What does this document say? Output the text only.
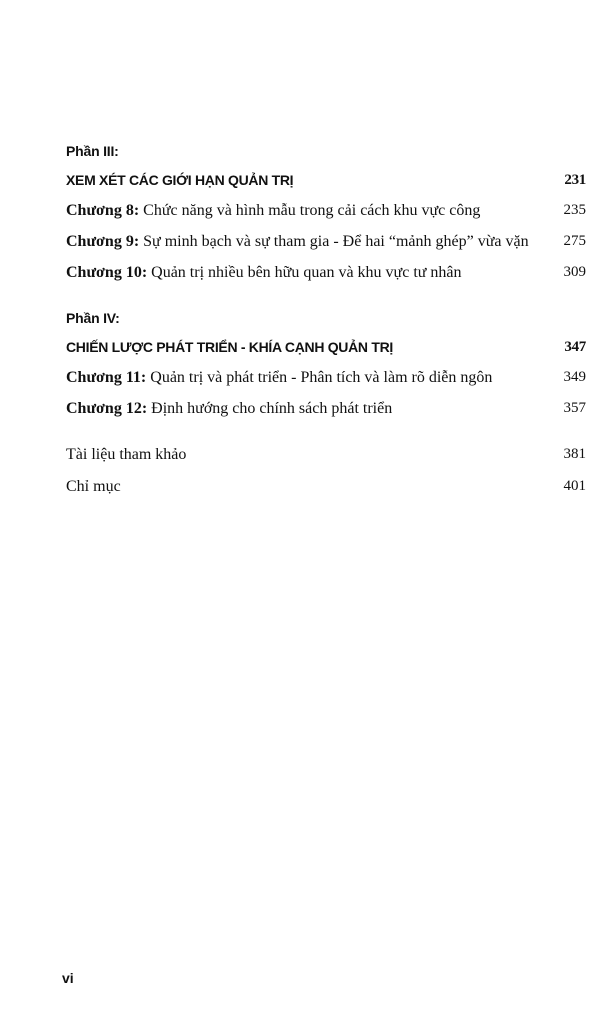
Phần III:
XEM XÉT CÁC GIỚI HẠN QUẢN TRỊ	231
Chương 8: Chức năng và hình mẫu trong cải cách khu vực công	235
Chương 9: Sự minh bạch và sự tham gia - Để hai “mảnh ghép” vừa vặn 275
Chương 10: Quản trị nhiều bên hữu quan và khu vực tư nhân	309
Phần IV:
CHIẾN LƯỢC PHÁT TRIỂN - KHÍA CẠNH QUẢN TRỊ	347
Chương 11: Quản trị và phát triển - Phân tích và làm rõ diễn ngôn	349
Chương 12: Định hướng cho chính sách phát triển	357
Tài liệu tham khảo	381
Chỉ mục	401
vi
